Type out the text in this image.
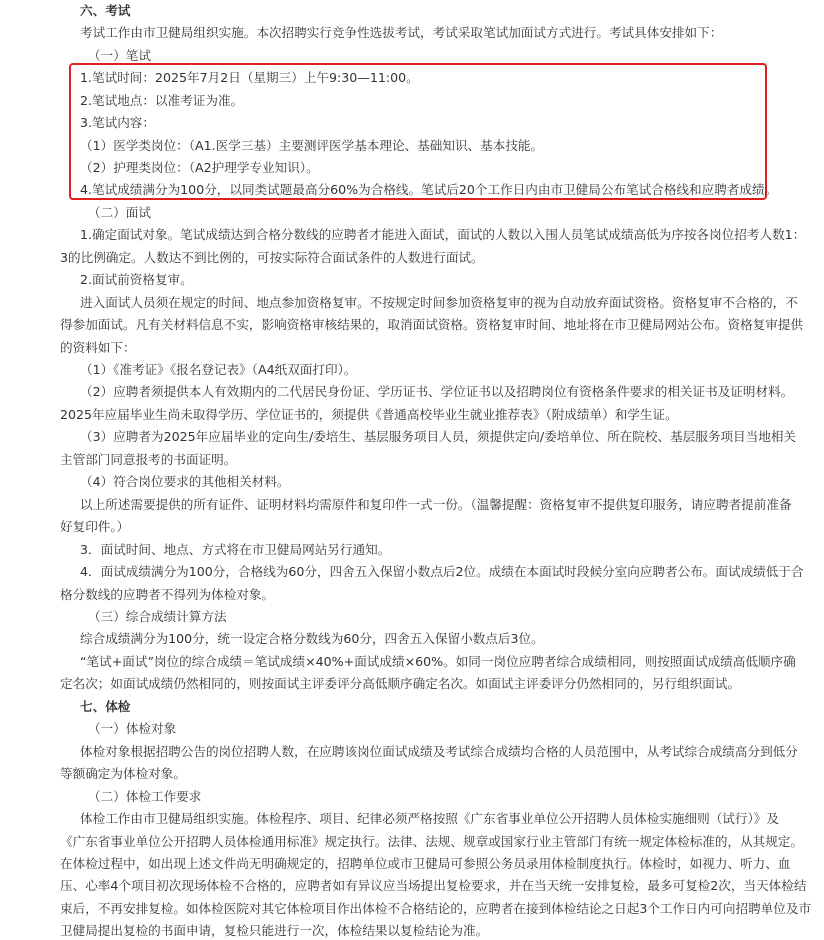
六、考试

考试工作由市卫健局组织实施。本次招聘实行竞争性选拔考试，考试采取笔试加面试方式进行。考试具体安排如下：

（一）笔试

1.笔试时间：2025年7月2日（星期三）上午9:30—11:00。

2.笔试地点：以准考证为准。

3.笔试内容：

（1）医学类岗位：（A1.医学三基）主要测评医学基本理论、基础知识、基本技能。

（2）护理类岗位：（A2护理学专业知识）。

4.笔试成绩满分为100分，以同类试题最高分60%为合格线。笔试后20个工作日内由市卫健局公布笔试合格线和应聘者成绩。

（二）面试

1.确定面试对象。笔试成绩达到合格分数线的应聘者才能进入面试，面试的人数以入围人员笔试成绩高低为序按各岗位招考人数1：

3的比例确定。人数达不到比例的，可按实际符合面试条件的人数进行面试。

2.面试前资格复审。

进入面试人员须在规定的时间、地点参加资格复审。不按规定时间参加资格复审的视为自动放弃面试资格。资格复审不合格的，不

得参加面试。凡有关材料信息不实，影响资格审核结果的，取消面试资格。资格复审时间、地址将在市卫健局网站公布。资格复审提供

的资料如下：

（1）《准考证》《报名登记表》（A4纸双面打印）。

（2）应聘者须提供本人有效期内的二代居民身份证、学历证书、学位证书以及招聘岗位有资格条件要求的相关证书及证明材料。

2025年应届毕业生尚未取得学历、学位证书的，须提供《普通高校毕业生就业推荐表》（附成绩单）和学生证。

（3）应聘者为2025年应届毕业的定向生/委培生、基层服务项目人员，须提供定向/委培单位、所在院校、基层服务项目当地相关

主管部门同意报考的书面证明。

（4）符合岗位要求的其他相关材料。

以上所述需要提供的所有证件、证明材料均需原件和复印件一式一份。（温馨提醒：资格复审不提供复印服务，请应聘者提前准备

好复印件。）

3．面试时间、地点、方式将在市卫健局网站另行通知。

4．面试成绩满分为100分，合格线为60分，四舍五入保留小数点后2位。成绩在本面试时段候分室向应聘者公布。面试成绩低于合

格分数线的应聘者不得列为体检对象。

（三）综合成绩计算方法

综合成绩满分为100分，统一设定合格分数线为60分，四舍五入保留小数点后3位。

“笔试+面试”岗位的综合成绩＝笔试成绩×40%+面试成绩×60%。如同一岗位应聘者综合成绩相同，则按照面试成绩高低顺序确

定名次；如面试成绩仍然相同的，则按面试主评委评分高低顺序确定名次。如面试主评委评分仍然相同的，另行组织面试。

七、体检

（一）体检对象

体检对象根据招聘公告的岗位招聘人数，在应聘该岗位面试成绩及考试综合成绩均合格的人员范围中，从考试综合成绩高分到低分

等额确定为体检对象。

（二）体检工作要求

体检工作由市卫健局组织实施。体检程序、项目、纪律必须严格按照《广东省事业单位公开招聘人员体检实施细则（试行）》及

《广东省事业单位公开招聘人员体检通用标准》规定执行。法律、法规、规章或国家行业主管部门有统一规定体检标准的，从其规定。

在体检过程中，如出现上述文件尚无明确规定的，招聘单位或市卫健局可参照公务员录用体检制度执行。体检时，如视力、听力、血

压、心率4个项目初次现场体检不合格的，应聘者如有异议应当场提出复检要求，并在当天统一安排复检，最多可复检2次，当天体检结

束后，不再安排复检。如体检医院对其它体检项目作出体检不合格结论的，应聘者在接到体检结论之日起3个工作日内可向招聘单位及市

卫健局提出复检的书面申请，复检只能进行一次，体检结果以复检结论为准。
